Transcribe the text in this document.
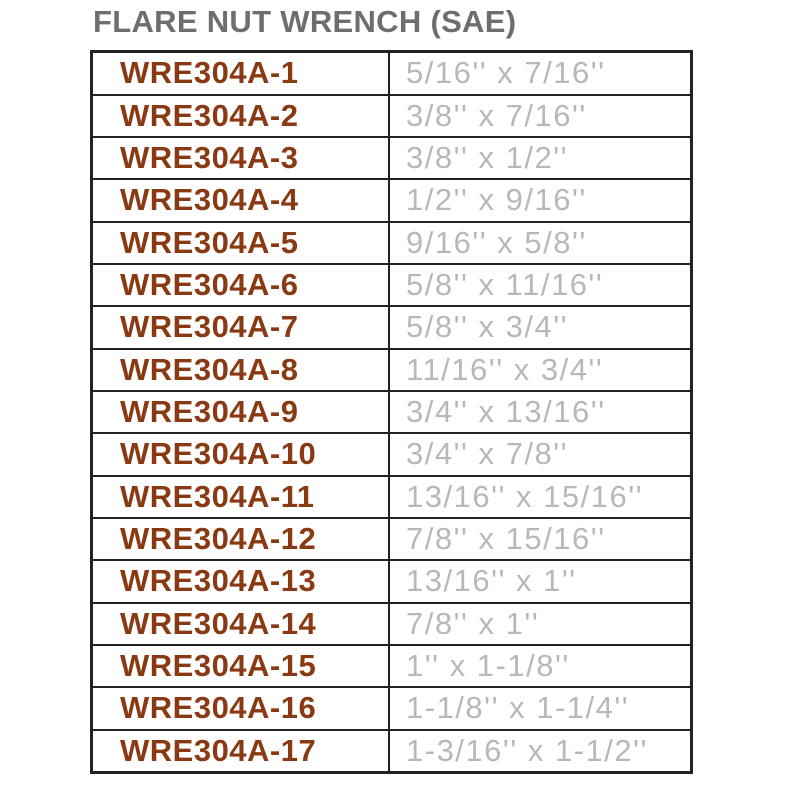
FLARE NUT WRENCH (SAE)
WRE304A-1	5/16'' x 7/16''
WRE304A-2	3/8'' x 7/16''
WRE304A-3	3/8'' x 1/2''
WRE304A-4	1/2'' x 9/16''
WRE304A-5	9/16'' x 5/8''
WRE304A-6	5/8'' x 11/16''
WRE304A-7	5/8'' x 3/4''
WRE304A-8	11/16'' x 3/4''
WRE304A-9	3/4'' x 13/16''
WRE304A-10	3/4'' x 7/8''
WRE304A-11	13/16'' x 15/16''
WRE304A-12	7/8'' x 15/16''
WRE304A-13	13/16'' x 1''
WRE304A-14	7/8'' x 1''
WRE304A-15	1'' x 1-1/8''
WRE304A-16	1-1/8'' x 1-1/4''
WRE304A-17	1-3/16'' x 1-1/2''
